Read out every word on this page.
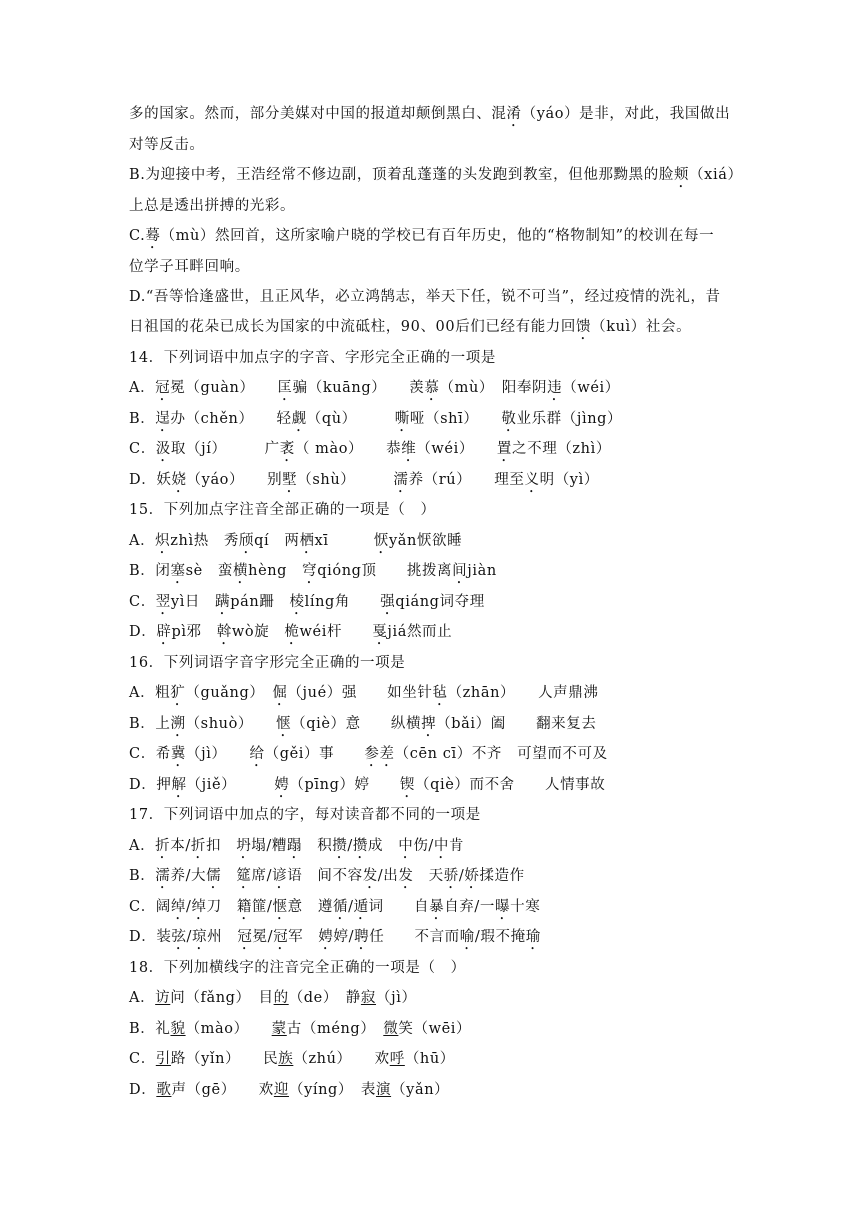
多的国家。然而，部分美媒对中国的报道却颠倒黑白、混淆（yáo）是非，对此，我国做出
对等反击。
B.为迎接中考，王浩经常不修边副，顶着乱蓬蓬的头发跑到教室，但他那黝黑的脸颊（xiá）
上总是透出拼搏的光彩。
C.蓦（mù）然回首，这所家喻户晓的学校已有百年历史，他的“格物制知”的校训在每一
位学子耳畔回响。
D.“吾等恰逢盛世，且正风华，必立鸿鹄志，举天下任，锐不可当”，经过疫情的洗礼，昔
日祖国的花朵已成长为国家的中流砥柱，90、00后们已经有能力回馈（kuì）社会。
14．下列词语中加点字的字音、字形完全正确的一项是
A．冠冕（guàn）　　匡骗（kuāng）　　羡慕（mù）　阳奉阴违（wéi）
B．逞办（chěn）　　轻觑（qù）　　　嘶哑（shī）　　敬业乐群（jìng）
C．汲取（jí）　　　广袤（ mào）　　恭维（wéi）　　置之不理（zhì）
D．妖娆（yáo）　　别墅（shù）　　　濡养（rú）　　理至义明（yì）
15．下列加点字注音全部正确的一项是（　）
A．炽zhì热　秀颀qí　两栖xī　　　恹yǎn恹欲睡
B．闭塞sè　蛮横hèng　穹qióng顶　　挑拨离间jiàn
C．翌yì日　蹒pán跚　棱líng角　　强qiáng词夺理
D．辟pì邪　斡wò旋　桅wéi杆　　戛jiá然而止
16．下列词语字音字形完全正确的一项是
A．粗犷（guǎng）　倔（jué）强　　如坐针毡（zhān）　　人声鼎沸
B．上溯（shuò）　　惬（qiè）意　　纵横捭（bǎi）阖　　翻来复去
C．希冀（jì）　　给（gěi）事　　参差（cēn cī）不齐　可望而不可及
D．押解（jiě）　　　娉（pīng）婷　　锲（qiè）而不舍　　人情事故
17．下列词语中加点的字，每对读音都不同的一项是
A．折本/折扣　坍塌/糟蹋　积攒/攒成　中伤/中肯
B．濡养/大儒　 筵席/谚语　间不容发/出发　天骄/娇揉造作
C．阔绰/绰刀　籍篚/惬意　遵循/遁词　　自暴自弃/一曝十寒
D．装弦/琼州　冠冕/冠军　娉婷/聘任　　不言而喻/瑕不掩瑜
18．下列加横线字的注音完全正确的一项是（　）
A．访问（fǎng）　目的（de）　静寂（jì）
B．礼貌（mào）　　蒙古（méng）　微笑（wēi）
C．引路（yǐn）　　民族（zhú）　　欢呼（hū）
D．歌声（gē）　　欢迎（yíng）　表演（yǎn）
